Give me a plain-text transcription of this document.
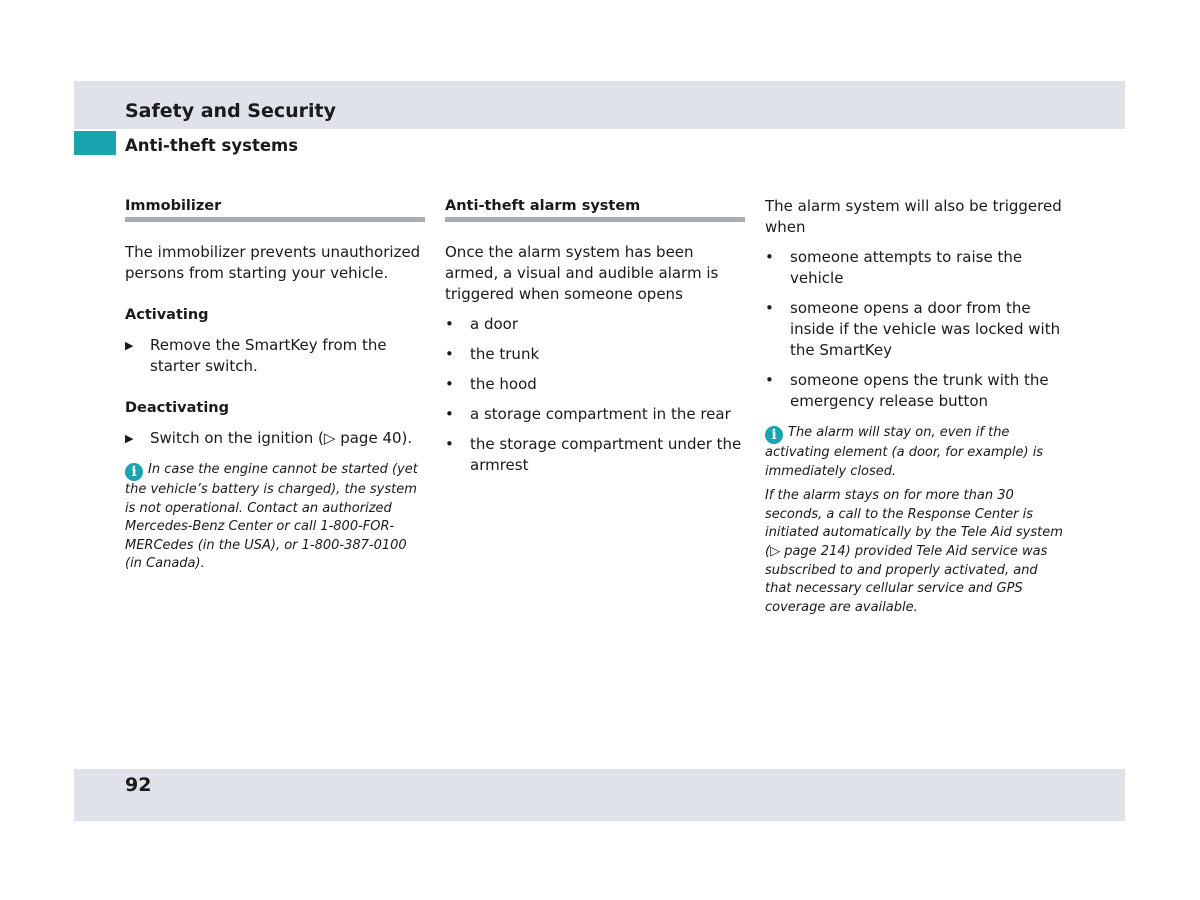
Safety and Security
Anti-theft systems
Immobilizer

The immobilizer prevents unauthorized persons from starting your vehicle.

Activating
▶	Remove the SmartKey from the starter switch.
Deactivating
▶	Switch on the ignition (▷ page 40).

i In case the engine cannot be started (yet the vehicle’s battery is charged), the system is not operational. Contact an authorized Mercedes-Benz Center or call 1-800-FOR-MERCedes (in the USA), or 1-800-387-0100 (in Canada).

Anti-theft alarm system

Once the alarm system has been armed, a visual and audible alarm is triggered when someone opens

•	a door
•	the trunk
•	the hood
•	a storage compartment in the rear
•	the storage compartment under the armrest

The alarm system will also be triggered when

•	someone attempts to raise the vehicle
•	someone opens a door from the inside if the vehicle was locked with the SmartKey
•	someone opens the trunk with the emergency release button

i The alarm will stay on, even if the activating element (a door, for example) is immediately closed.

If the alarm stays on for more than 30 seconds, a call to the Response Center is initiated automatically by the Tele Aid system (▷ page 214) provided Tele Aid service was subscribed to and properly activated, and that necessary cellular service and GPS coverage are available.

92
